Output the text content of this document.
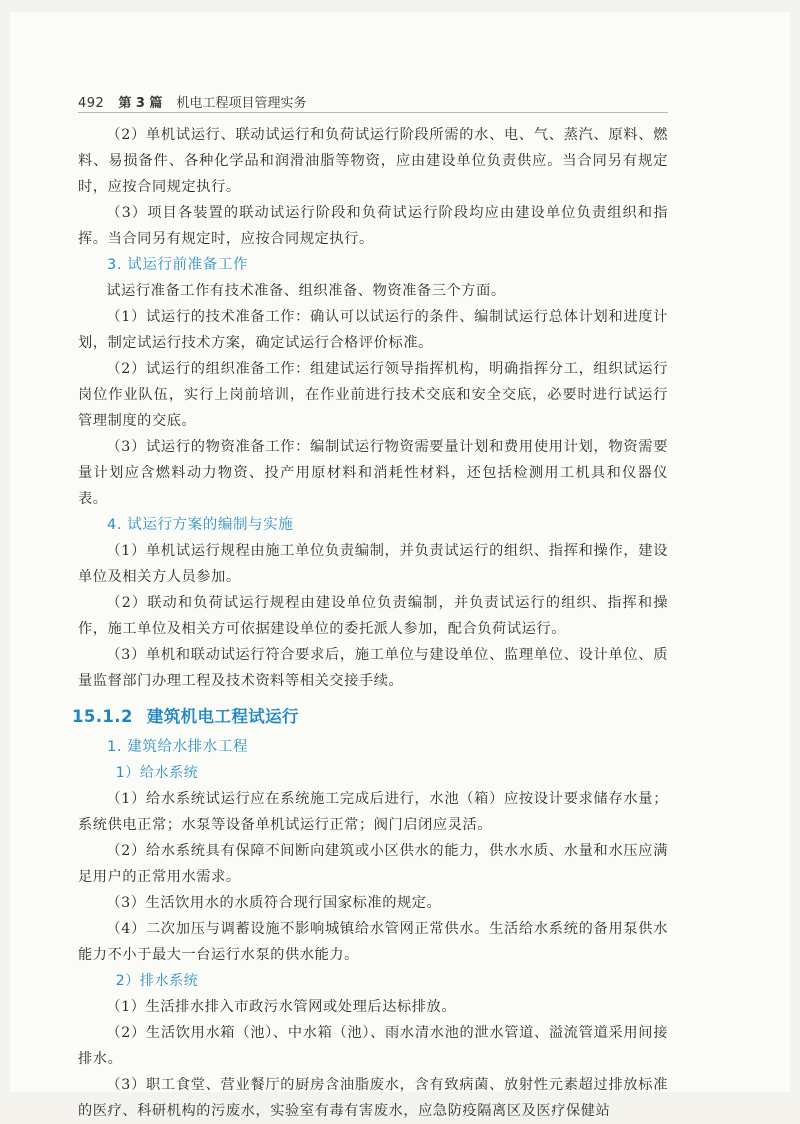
492 第 3 篇 机电工程项目管理实务

（2）单机试运行、联动试运行和负荷试运行阶段所需的水、电、气、蒸汽、原料、燃料、易损备件、各种化学品和润滑油脂等物资，应由建设单位负责供应。当合同另有规定时，应按合同规定执行。

（3）项目各装置的联动试运行阶段和负荷试运行阶段均应由建设单位负责组织和指挥。当合同另有规定时，应按合同规定执行。

3. 试运行前准备工作

试运行准备工作有技术准备、组织准备、物资准备三个方面。

（1）试运行的技术准备工作：确认可以试运行的条件、编制试运行总体计划和进度计划，制定试运行技术方案，确定试运行合格评价标准。

（2）试运行的组织准备工作：组建试运行领导指挥机构，明确指挥分工，组织试运行岗位作业队伍，实行上岗前培训，在作业前进行技术交底和安全交底，必要时进行试运行管理制度的交底。

（3）试运行的物资准备工作：编制试运行物资需要量计划和费用使用计划，物资需要量计划应含燃料动力物资、投产用原材料和消耗性材料，还包括检测用工机具和仪器仪表。

4. 试运行方案的编制与实施

（1）单机试运行规程由施工单位负责编制，并负责试运行的组织、指挥和操作，建设单位及相关方人员参加。

（2）联动和负荷试运行规程由建设单位负责编制，并负责试运行的组织、指挥和操作，施工单位及相关方可依据建设单位的委托派人参加，配合负荷试运行。

（3）单机和联动试运行符合要求后，施工单位与建设单位、监理单位、设计单位、质量监督部门办理工程及技术资料等相关交接手续。

15.1.2 建筑机电工程试运行
1. 建筑给水排水工程
1）给水系统

（1）给水系统试运行应在系统施工完成后进行，水池（箱）应按设计要求储存水量；系统供电正常；水泵等设备单机试运行正常；阀门启闭应灵活。

（2）给水系统具有保障不间断向建筑或小区供水的能力，供水水质、水量和水压应满足用户的正常用水需求。

（3）生活饮用水的水质符合现行国家标准的规定。

（4）二次加压与调蓄设施不影响城镇给水管网正常供水。生活给水系统的备用泵供水能力不小于最大一台运行水泵的供水能力。

2）排水系统

（1）生活排水排入市政污水管网或处理后达标排放。

（2）生活饮用水箱（池）、中水箱（池）、雨水清水池的泄水管道、溢流管道采用间接排水。

（3）职工食堂、营业餐厅的厨房含油脂废水，含有致病菌、放射性元素超过排放标准的医疗、科研机构的污废水，实验室有毒有害废水，应急防疫隔离区及医疗保健站
